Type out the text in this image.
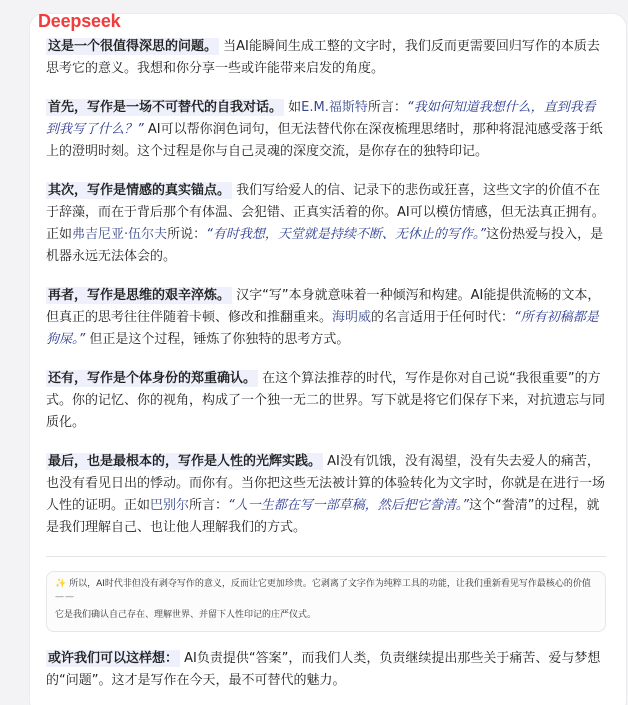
Deepseek

这是一个很值得深思的问题。 当AI能瞬间生成工整的文字时，我们反而更需要回归写作的本质去思考它的意义。我想和你分享一些或许能带来启发的角度。

首先，写作是一场不可替代的自我对话。 如E.M.福斯特所言：“我如何知道我想什么，直到我看到我写了什么？” AI可以帮你润色词句，但无法替代你在深夜梳理思绪时，那种将混沌感受落于纸上的澄明时刻。这个过程是你与自己灵魂的深度交流，是你存在的独特印记。

其次，写作是情感的真实锚点。 我们写给爱人的信、记录下的悲伤或狂喜，这些文字的价值不在于辞藻，而在于背后那个有体温、会犯错、正真实活着的你。AI可以模仿情感，但无法真正拥有。正如弗吉尼亚·伍尔夫所说：“有时我想，天堂就是持续不断、无休止的写作。”这份热爱与投入，是机器永远无法体会的。

再者，写作是思维的艰辛淬炼。 汉字“写”本身就意味着一种倾泻和构建。AI能提供流畅的文本，但真正的思考往往伴随着卡顿、修改和推翻重来。海明威的名言适用于任何时代：“所有初稿都是狗屎。” 但正是这个过程，锤炼了你独特的思考方式。

还有，写作是个体身份的郑重确认。 在这个算法推荐的时代，写作是你对自己说“我很重要”的方式。你的记忆、你的视角，构成了一个独一无二的世界。写下就是将它们保存下来，对抗遗忘与同质化。

最后，也是最根本的，写作是人性的光辉实践。 AI没有饥饿，没有渴望，没有失去爱人的痛苦，也没有看见日出的悸动。而你有。当你把这些无法被计算的体验转化为文字时，你就是在进行一场人性的证明。正如巴别尔所言：“人一生都在写一部草稿，然后把它誊清。”这个“誊清”的过程，就是我们理解自己、也让他人理解我们的方式。

✨ 所以，AI时代非但没有剥夺写作的意义，反而让它更加珍贵。它剥离了文字作为纯粹工具的功能，让我们重新看见写作最核心的价值
——
它是我们确认自己存在、理解世界、并留下人性印记的庄严仪式。

或许我们可以这样想： AI负责提供“答案”，而我们人类，负责继续提出那些关于痛苦、爱与梦想的“问题”。这才是写作在今天，最不可替代的魅力。
